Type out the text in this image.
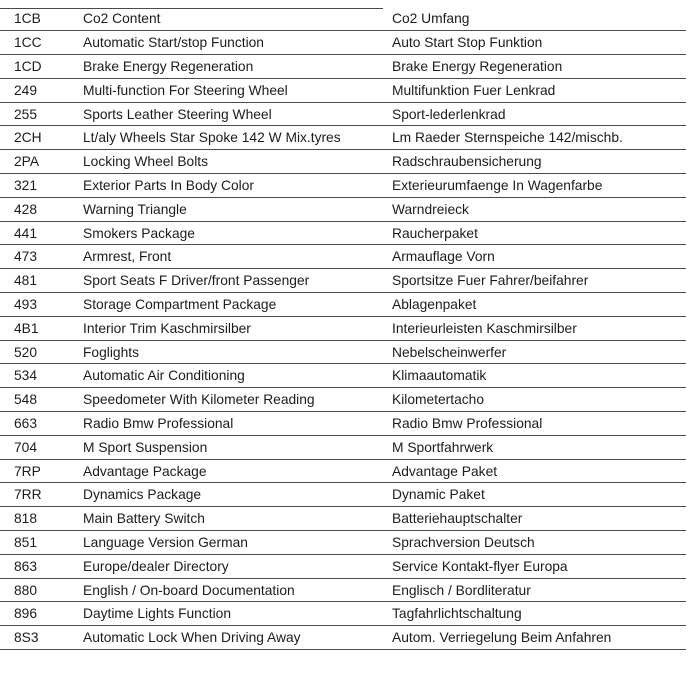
1CB	Co2 Content	Co2 Umfang
1CC	Automatic Start/stop Function	Auto Start Stop Funktion
1CD	Brake Energy Regeneration	Brake Energy Regeneration
249	Multi-function For Steering Wheel	Multifunktion Fuer Lenkrad
255	Sports Leather Steering Wheel	Sport-lederlenkrad
2CH	Lt/aly Wheels Star Spoke 142 W Mix.tyres	Lm Raeder Sternspeiche 142/mischb.
2PA	Locking Wheel Bolts	Radschraubensicherung
321	Exterior Parts In Body Color	Exterieurumfaenge In Wagenfarbe
428	Warning Triangle	Warndreieck
441	Smokers Package	Raucherpaket
473	Armrest, Front	Armauflage Vorn
481	Sport Seats F Driver/front Passenger	Sportsitze Fuer Fahrer/beifahrer
493	Storage Compartment Package	Ablagenpaket
4B1	Interior Trim Kaschmirsilber	Interieurleisten Kaschmirsilber
520	Foglights	Nebelscheinwerfer
534	Automatic Air Conditioning	Klimaautomatik
548	Speedometer With Kilometer Reading	Kilometertacho
663	Radio Bmw Professional	Radio Bmw Professional
704	M Sport Suspension	M Sportfahrwerk
7RP	Advantage Package	Advantage Paket
7RR	Dynamics Package	Dynamic Paket
818	Main Battery Switch	Batteriehauptschalter
851	Language Version German	Sprachversion Deutsch
863	Europe/dealer Directory	Service Kontakt-flyer Europa
880	English / On-board Documentation	Englisch / Bordliteratur
896	Daytime Lights Function	Tagfahrlichtschaltung
8S3	Automatic Lock When Driving Away	Autom. Verriegelung Beim Anfahren
